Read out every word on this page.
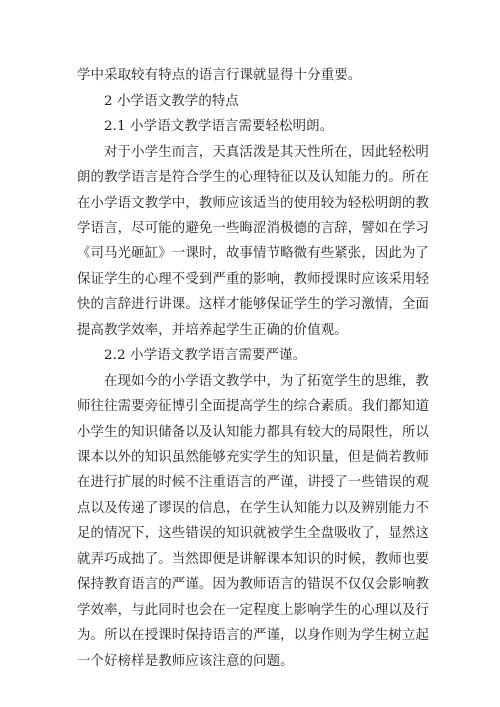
学中采取较有特点的语言行课就显得十分重要。
2 小学语文教学的特点
2.1 小学语文教学语言需要轻松明朗。
对于小学生而言，天真活泼是其天性所在，因此轻松明
朗的教学语言是符合学生的心理特征以及认知能力的。所在
在小学语文教学中，教师应该适当的使用较为轻松明朗的教
学语言，尽可能的避免一些晦涩消极德的言辞，譬如在学习
《司马光砸缸》一课时，故事情节略微有些紧张，因此为了
保证学生的心理不受到严重的影响，教师授课时应该采用轻
快的言辞进行讲课。这样才能够保证学生的学习激情，全面
提高教学效率，并培养起学生正确的价值观。
2.2 小学语文教学语言需要严谨。
在现如今的小学语文教学中，为了拓宽学生的思维，教
师往往需要旁征博引全面提高学生的综合素质。我们都知道
小学生的知识储备以及认知能力都具有较大的局限性，所以
课本以外的知识虽然能够充实学生的知识量，但是倘若教师
在进行扩展的时候不注重语言的严谨，讲授了一些错误的观
点以及传递了谬误的信息，在学生认知能力以及辨别能力不
足的情况下，这些错误的知识就被学生全盘吸收了，显然这
就弄巧成拙了。当然即便是讲解课本知识的时候，教师也要
保持教育语言的严谨。因为教师语言的错误不仅仅会影响教
学效率，与此同时也会在一定程度上影响学生的心理以及行
为。所以在授课时保持语言的严谨，以身作则为学生树立起
一个好榜样是教师应该注意的问题。
